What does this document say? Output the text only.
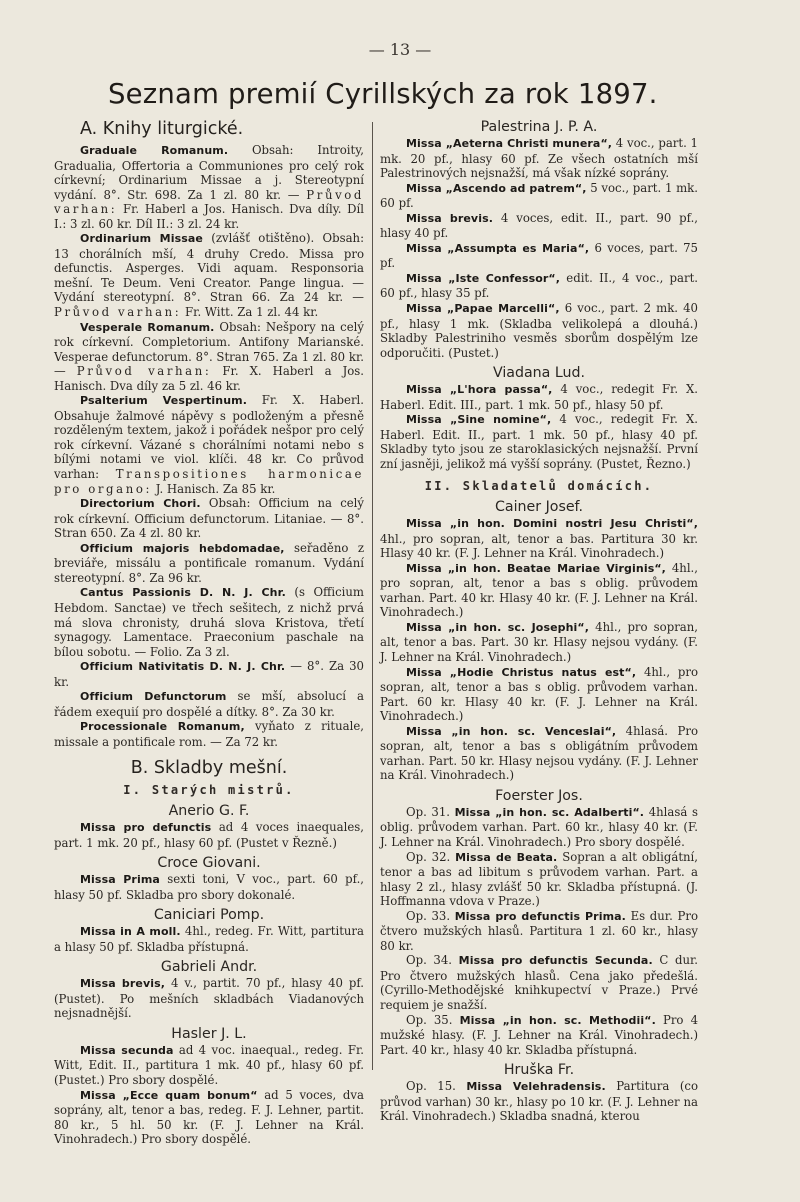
— 13 —
Seznam premií Cyrillských za rok 1897.
A. Knihy liturgické.

Graduale Romanum. Obsah: Introity, Gradualia, Offertoria a Communiones pro celý rok církevní; Ordinarium Missae a j. Stereotypní vydání. 8°. Str. 698. Za 1 zl. 80 kr. — Průvod varhan: Fr. Haberl a Jos. Hanisch. Dva díly. Díl I.: 3 zl. 60 kr. Díl II.: 3 zl. 24 kr.

Ordinarium Missae (zvlášť otištěno). Obsah: 13 chorálních mší, 4 druhy Credo. Missa pro defunctis. Asperges. Vidi aquam. Responsoria mešní. Te Deum. Veni Creator. Pange lingua. — Vydání stereotypní. 8°. Stran 66. Za 24 kr. — Průvod varhan: Fr. Witt. Za 1 zl. 44 kr.

Vesperale Romanum. Obsah: Nešpory na celý rok církevní. Completorium. Antifony Marianské. Vesperae defunctorum. 8°. Stran 765. Za 1 zl. 80 kr. — Průvod varhan: Fr. X. Haberl a Jos. Hanisch. Dva díly za 5 zl. 46 kr.

Psalterium Vespertinum. Fr. X. Haberl. Obsahuje žalmové nápěvy s podloženým a přesně rozděleným textem, jakož i pořádek nešpor pro celý rok církevní. Vázané s chorálními notami nebo s bílými notami ve viol. klíči. 48 kr. Co průvod varhan: Transpositiones harmonicae pro organo: J. Hanisch. Za 85 kr.

Directorium Chori. Obsah: Officium na celý rok církevní. Officium defunctorum. Litaniae. — 8°. Stran 650. Za 4 zl. 80 kr.

Officium majoris hebdomadae, seřaděno z breviáře, missálu a pontificale romanum. Vydání stereotypní. 8°. Za 96 kr.

Cantus Passionis D. N. J. Chr. (s Officium Hebdom. Sanctae) ve třech sešitech, z nichž prvá má slova chronisty, druhá slova Kristova, třetí synagogy. Lamentace. Praeconium paschale na bílou sobotu. — Folio. Za 3 zl.

Officium Nativitatis D. N. J. Chr. — 8°. Za 30 kr.

Officium Defunctorum se mší, absolucí a řádem exequií pro dospělé a dítky. 8°. Za 30 kr.

Processionale Romanum, vyňato z rituale, missale a pontificale rom. — Za 72 kr.

B. Skladby mešní.
I. Starých mistrů.
Anerio G. F.

Missa pro defunctis ad 4 voces inaequales, part. 1 mk. 20 pf., hlasy 60 pf. (Pustet v Řezně.)

Croce Giovani.

Missa Prima sexti toni, V voc., part. 60 pf., hlasy 50 pf. Skladba pro sbory dokonalé.

Caniciari Pomp.

Missa in A moll. 4hl., redeg. Fr. Witt, partitura a hlasy 50 pf. Skladba přístupná.

Gabrieli Andr.

Missa brevis, 4 v., partit. 70 pf., hlasy 40 pf. (Pustet). Po mešních skladbách Viadanových nejsnadnější.

Hasler J. L.

Missa secunda ad 4 voc. inaequal., redeg. Fr. Witt, Edit. II., partitura 1 mk. 40 pf., hlasy 60 pf. (Pustet.) Pro sbory dospělé.

Missa „Ecce quam bonum“ ad 5 voces, dva soprány, alt, tenor a bas, redeg. F. J. Lehner, partit. 80 kr., 5 hl. 50 kr. (F. J. Lehner na Král. Vinohradech.) Pro sbory dospělé.

Palestrina J. P. A.

Missa „Aeterna Christi munera“, 4 voc., part. 1 mk. 20 pf., hlasy 60 pf. Ze všech ostatních mší Palestrinových nejsnažší, má však nízké soprány.

Missa „Ascendo ad patrem“, 5 voc., part. 1 mk. 60 pf.

Missa brevis. 4 voces, edit. II., part. 90 pf., hlasy 40 pf.

Missa „Assumpta es Maria“, 6 voces, part. 75 pf.

Missa „Iste Confessor“, edit. II., 4 voc., part. 60 pf., hlasy 35 pf.

Missa „Papae Marcelli“, 6 voc., part. 2 mk. 40 pf., hlasy 1 mk. (Skladba velikolepá a dlouhá.) Skladby Palestriniho vesměs sborům dospělým lze odporučiti. (Pustet.)

Viadana Lud.

Missa „L'hora passa“, 4 voc., redegit Fr. X. Haberl. Edit. III., part. 1 mk. 50 pf., hlasy 50 pf.

Missa „Sine nomine“, 4 voc., redegit Fr. X. Haberl. Edit. II., part. 1 mk. 50 pf., hlasy 40 pf. Skladby tyto jsou ze staroklasických nejsnažší. První zní jasněji, jelikož má vyšší soprány. (Pustet, Řezno.)

II. Skladatelů domácích.
Cainer Josef.

Missa „in hon. Domini nostri Jesu Christi“, 4hl., pro sopran, alt, tenor a bas. Partitura 30 kr. Hlasy 40 kr. (F. J. Lehner na Král. Vinohradech.)

Missa „in hon. Beatae Mariae Virginis“, 4hl., pro sopran, alt, tenor a bas s oblig. průvodem varhan. Part. 40 kr. Hlasy 40 kr. (F. J. Lehner na Král. Vinohradech.)

Missa „in hon. sc. Josephi“, 4hl., pro sopran, alt, tenor a bas. Part. 30 kr. Hlasy nejsou vydány. (F. J. Lehner na Král. Vinohradech.)

Missa „Hodie Christus natus est“, 4hl., pro sopran, alt, tenor a bas s oblig. průvodem varhan. Part. 60 kr. Hlasy 40 kr. (F. J. Lehner na Král. Vinohradech.)

Missa „in hon. sc. Venceslai“, 4hlasá. Pro sopran, alt, tenor a bas s obligátním průvodem varhan. Part. 50 kr. Hlasy nejsou vydány. (F. J. Lehner na Král. Vinohradech.)

Foerster Jos.

Op. 31. Missa „in hon. sc. Adalberti“. 4hlasá s oblig. průvodem varhan. Part. 60 kr., hlasy 40 kr. (F. J. Lehner na Král. Vinohradech.) Pro sbory dospělé.

Op. 32. Missa de Beata. Sopran a alt obligátní, tenor a bas ad libitum s průvodem varhan. Part. a hlasy 2 zl., hlasy zvlášť 50 kr. Skladba přístupná. (J. Hoffmanna vdova v Praze.)

Op. 33. Missa pro defunctis Prima. Es dur. Pro čtvero mužských hlasů. Partitura 1 zl. 60 kr., hlasy 80 kr.

Op. 34. Missa pro defunctis Secunda. C dur. Pro čtvero mužských hlasů. Cena jako předešlá. (Cyrillo-Methodějské knihkupectví v Praze.) Prvé requiem je snažší.

Op. 35. Missa „in hon. sc. Methodii“. Pro 4 mužské hlasy. (F. J. Lehner na Král. Vinohradech.) Part. 40 kr., hlasy 40 kr. Skladba přístupná.

Hruška Fr.

Op. 15. Missa Velehradensis. Partitura (co průvod varhan) 30 kr., hlasy po 10 kr. (F. J. Lehner na Král. Vinohradech.) Skladba snadná, kterou
